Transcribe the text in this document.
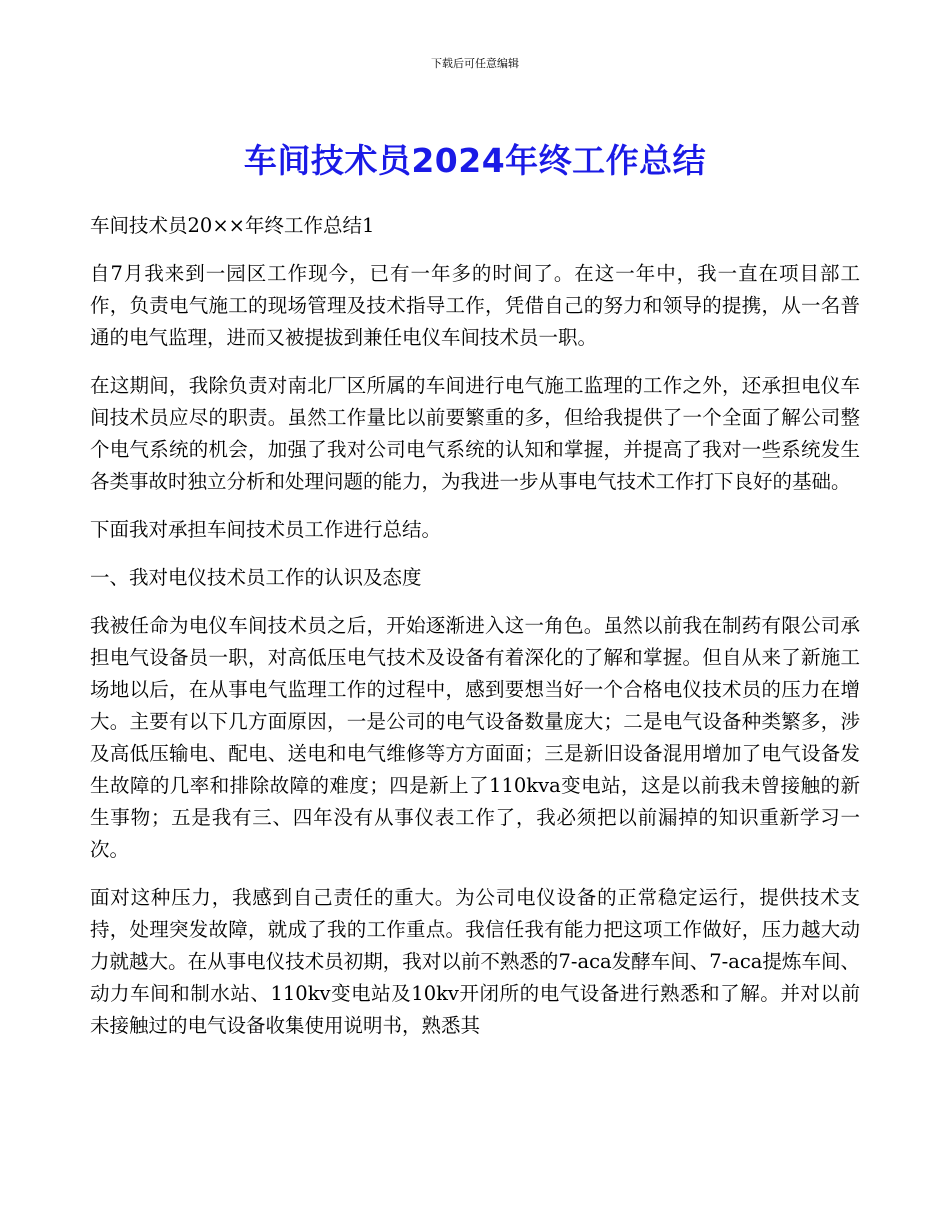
下载后可任意编辑
车间技术员2024年终工作总结

车间技术员20××年终工作总结1

自7月我来到一园区工作现今，已有一年多的时间了。在这一年中，我一直在项目部工作，负责电气施工的现场管理及技术指导工作，凭借自己的努力和领导的提携，从一名普通的电气监理，进而又被提拔到兼任电仪车间技术员一职。

在这期间，我除负责对南北厂区所属的车间进行电气施工监理的工作之外，还承担电仪车间技术员应尽的职责。虽然工作量比以前要繁重的多，但给我提供了一个全面了解公司整个电气系统的机会，加强了我对公司电气系统的认知和掌握，并提高了我对一些系统发生各类事故时独立分析和处理问题的能力，为我进一步从事电气技术工作打下良好的基础。

下面我对承担车间技术员工作进行总结。

一、我对电仪技术员工作的认识及态度

我被任命为电仪车间技术员之后，开始逐渐进入这一角色。虽然以前我在制药有限公司承担电气设备员一职，对高低压电气技术及设备有着深化的了解和掌握。但自从来了新施工场地以后，在从事电气监理工作的过程中，感到要想当好一个合格电仪技术员的压力在增大。主要有以下几方面原因，一是公司的电气设备数量庞大；二是电气设备种类繁多，涉及高低压输电、配电、送电和电气维修等方方面面；三是新旧设备混用增加了电气设备发生故障的几率和排除故障的难度；四是新上了110kva变电站，这是以前我未曾接触的新生事物；五是我有三、四年没有从事仪表工作了，我必须把以前漏掉的知识重新学习一次。

面对这种压力，我感到自己责任的重大。为公司电仪设备的正常稳定运行，提供技术支持，处理突发故障，就成了我的工作重点。我信任我有能力把这项工作做好，压力越大动力就越大。在从事电仪技术员初期，我对以前不熟悉的7-aca发酵车间、7-aca提炼车间、动力车间和制水站、110kv变电站及10kv开闭所的电气设备进行熟悉和了解。并对以前未接触过的电气设备收集使用说明书，熟悉其
